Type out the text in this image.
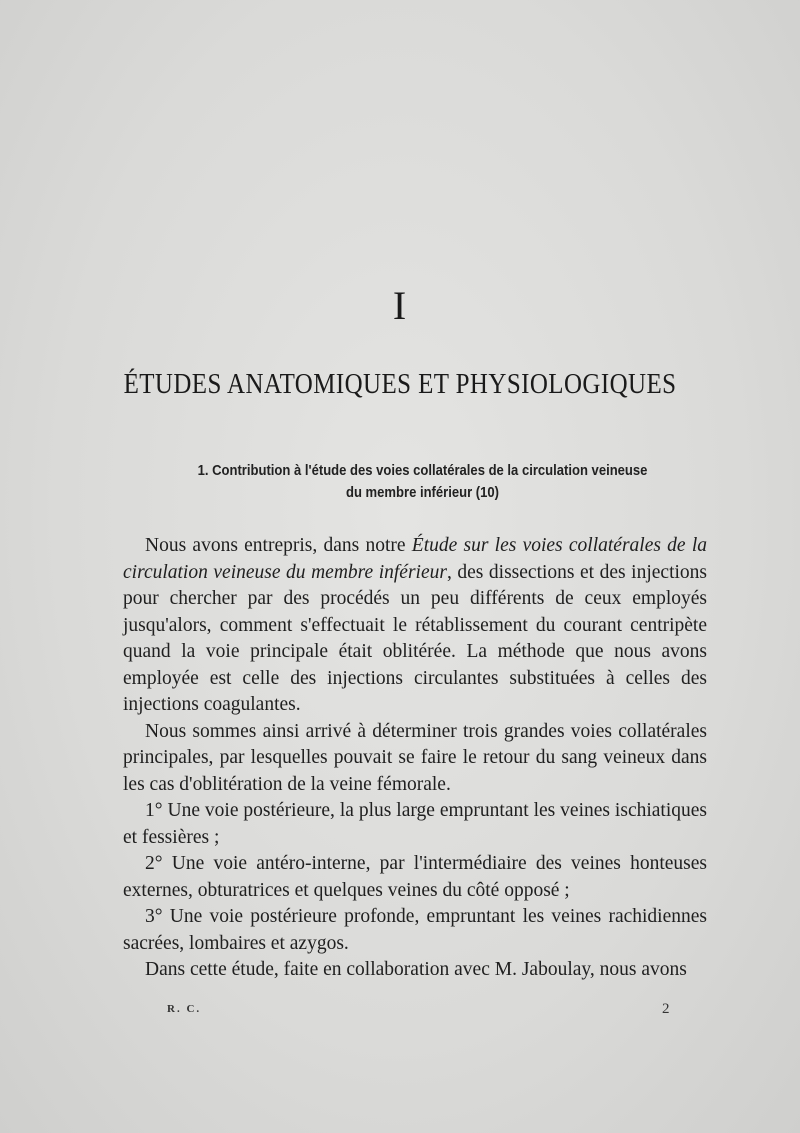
I
ÉTUDES ANATOMIQUES ET PHYSIOLOGIQUES
1. Contribution à l'étude des voies collatérales de la circulation veineuse
du membre inférieur (10)

Nous avons entrepris, dans notre Étude sur les voies collatérales de la circulation veineuse du membre inférieur, des dissections et des injections pour chercher par des procédés un peu différents de ceux employés jusqu'alors, comment s'effectuait le rétablissement du courant centripète quand la voie principale était oblitérée. La méthode que nous avons employée est celle des injections circulantes substituées à celles des injections coagulantes.

Nous sommes ainsi arrivé à déterminer trois grandes voies collatérales principales, par lesquelles pouvait se faire le retour du sang veineux dans les cas d'oblitération de la veine fémorale.

1° Une voie postérieure, la plus large empruntant les veines ischiatiques et fessières ;

2° Une voie antéro-interne, par l'intermédiaire des veines honteuses externes, obturatrices et quelques veines du côté opposé ;

3° Une voie postérieure profonde, empruntant les veines rachidiennes sacrées, lombaires et azygos.

Dans cette étude, faite en collaboration avec M. Jaboulay, nous avons

R. C.	2
